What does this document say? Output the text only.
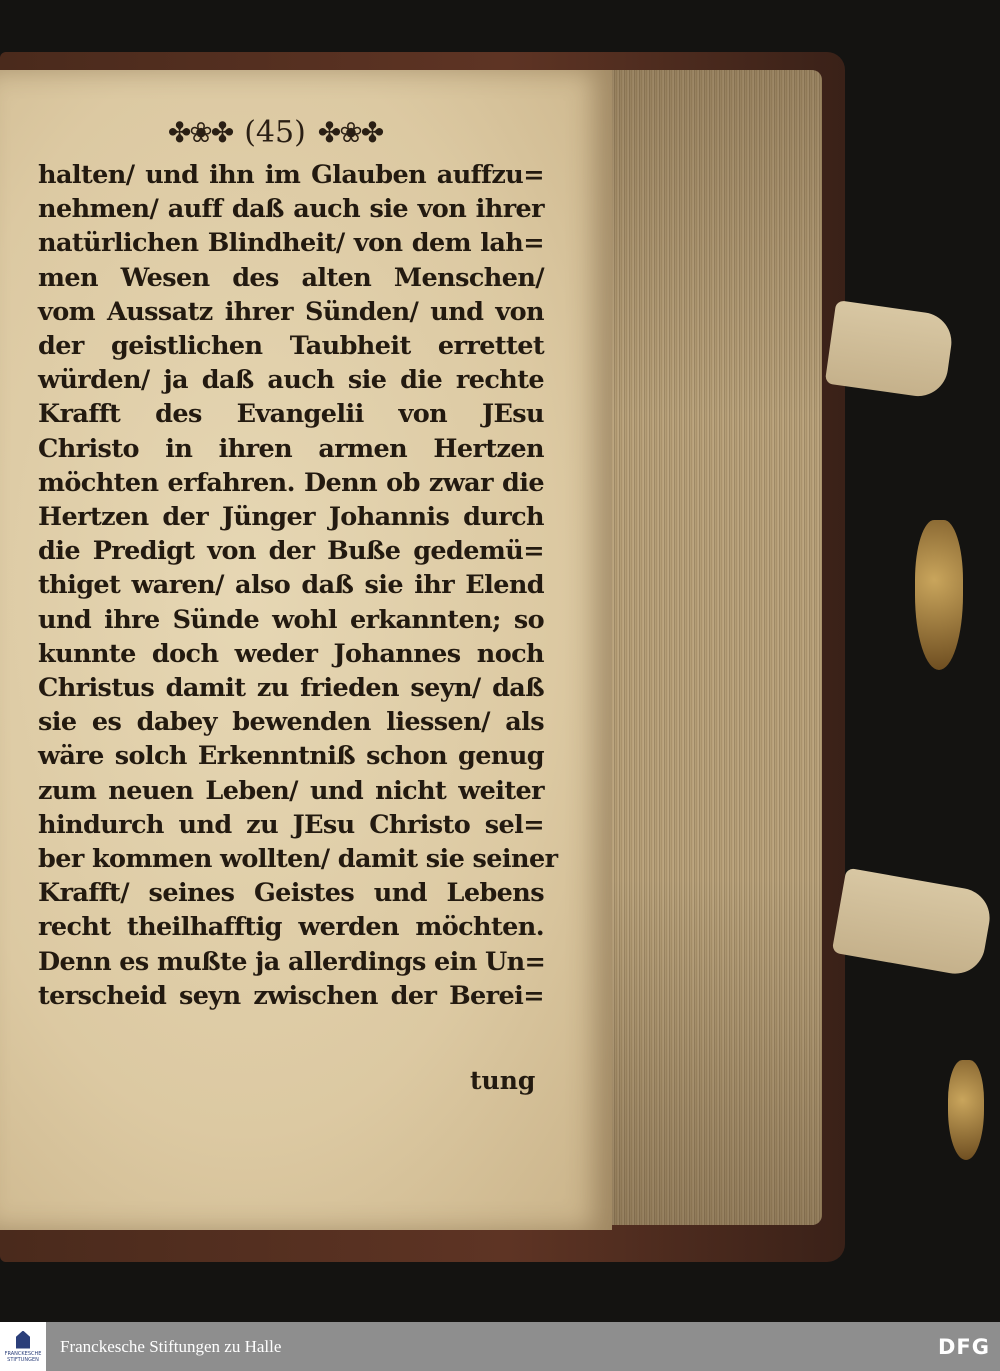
✤❀✤ (45) ✤❀✤
halten/ und ihn im Glauben auffzu=
nehmen/ auff daß auch sie von ihrer
natürlichen Blindheit/ von dem lah=
men Wesen des alten Menschen/
vom Aussatz ihrer Sünden/ und von
der geistlichen Taubheit errettet
würden/ ja daß auch sie die rechte
Krafft des Evangelii von JEsu
Christo in ihren armen Hertzen
möchten erfahren. Denn ob zwar die
Hertzen der Jünger Johannis durch
die Predigt von der Buße gedemü=
thiget waren/ also daß sie ihr Elend
und ihre Sünde wohl erkannten; so
kunnte doch weder Johannes noch
Christus damit zu frieden seyn/ daß
sie es dabey bewenden liessen/ als
wäre solch Erkenntniß schon genug
zum neuen Leben/ und nicht weiter
hindurch und zu JEsu Christo sel=
ber kommen wollten/ damit sie seiner
Krafft/ seines Geistes und Lebens
recht theilhafftig werden möchten.
Denn es mußte ja allerdings ein Un=
terscheid seyn zwischen der Berei=
tung
FRANCKESCHE STIFTUNGEN
Franckesche Stiftungen zu Halle	DFG
